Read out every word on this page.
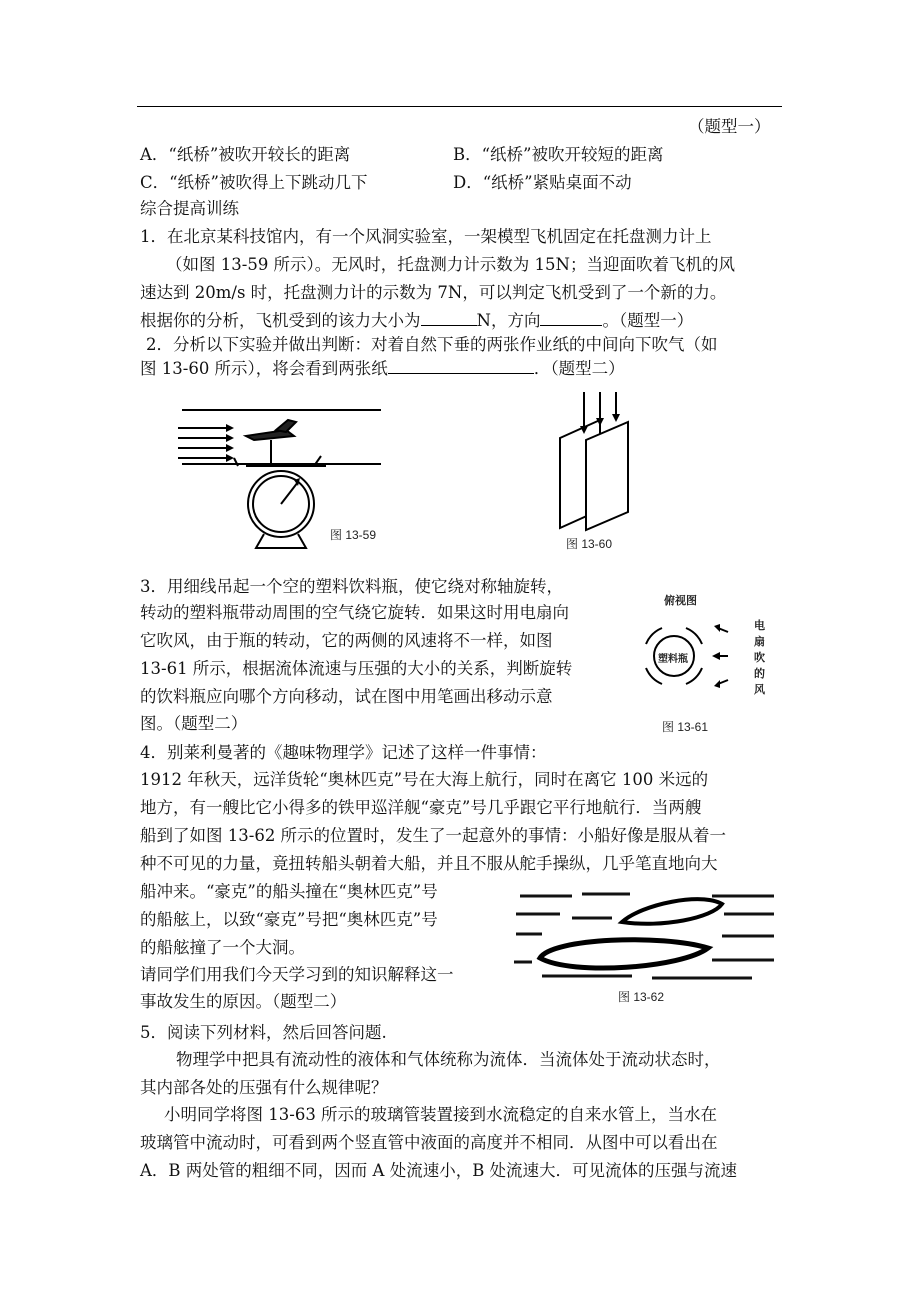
（题型一）
A．“纸桥”被吹开较长的距离	B．“纸桥”被吹开较短的距离
C．“纸桥”被吹得上下跳动几下	D．“纸桥”紧贴桌面不动
综合提高训练
1．在北京某科技馆内，有一个风洞实验室，一架模型飞机固定在托盘测力计上
（如图 13-59 所示）。无风时，托盘测力计示数为 15N；当迎面吹着飞机的风
速达到 20m/s 时，托盘测力计的示数为 7N，可以判定飞机受到了一个新的力。
根据你的分析，飞机受到的该力大小为	N，方向	。（题型一）
2．分析以下实验并做出判断：对着自然下垂的两张作业纸的中间向下吹气（如
图 13-60 所示），将会看到两张纸	．（题型二）
图 13-59
图 13-60
3．用细线吊起一个空的塑料饮料瓶，使它绕对称轴旋转，
转动的塑料瓶带动周围的空气绕它旋转．如果这时用电扇向
它吹风，由于瓶的转动，它的两侧的风速将不一样，如图
13-61 所示，根据流体流速与压强的大小的关系，判断旋转
的饮料瓶应向哪个方向移动，试在图中用笔画出移动示意
图。（题型二）
俯视图
塑料瓶
电
扇
吹
的
风
图 13-61
4．别莱利曼著的《趣味物理学》记述了这样一件事情：
1912 年秋天，远洋货轮“奥林匹克”号在大海上航行，同时在离它 100 米远的
地方，有一艘比它小得多的铁甲巡洋舰“豪克”号几乎跟它平行地航行．当两艘
船到了如图 13-62 所示的位置时，发生了一起意外的事情：小船好像是服从着一
种不可见的力量，竟扭转船头朝着大船，并且不服从舵手操纵，几乎笔直地向大
船冲来。“豪克”的船头撞在“奥林匹克”号
的船舷上，以致“豪克”号把“奥林匹克”号
的船舷撞了一个大洞。
请同学们用我们今天学习到的知识解释这一
事故发生的原因。（题型二）	图 13-62
5．阅读下列材料，然后回答问题.
物理学中把具有流动性的液体和气体统称为流体．当流体处于流动状态时，
其内部各处的压强有什么规律呢？
小明同学将图 13-63 所示的玻璃管装置接到水流稳定的自来水管上，当水在
玻璃管中流动时，可看到两个竖直管中液面的高度并不相同．从图中可以看出在
A．B 两处管的粗细不同，因而 A 处流速小，B 处流速大．可见流体的压强与流速
